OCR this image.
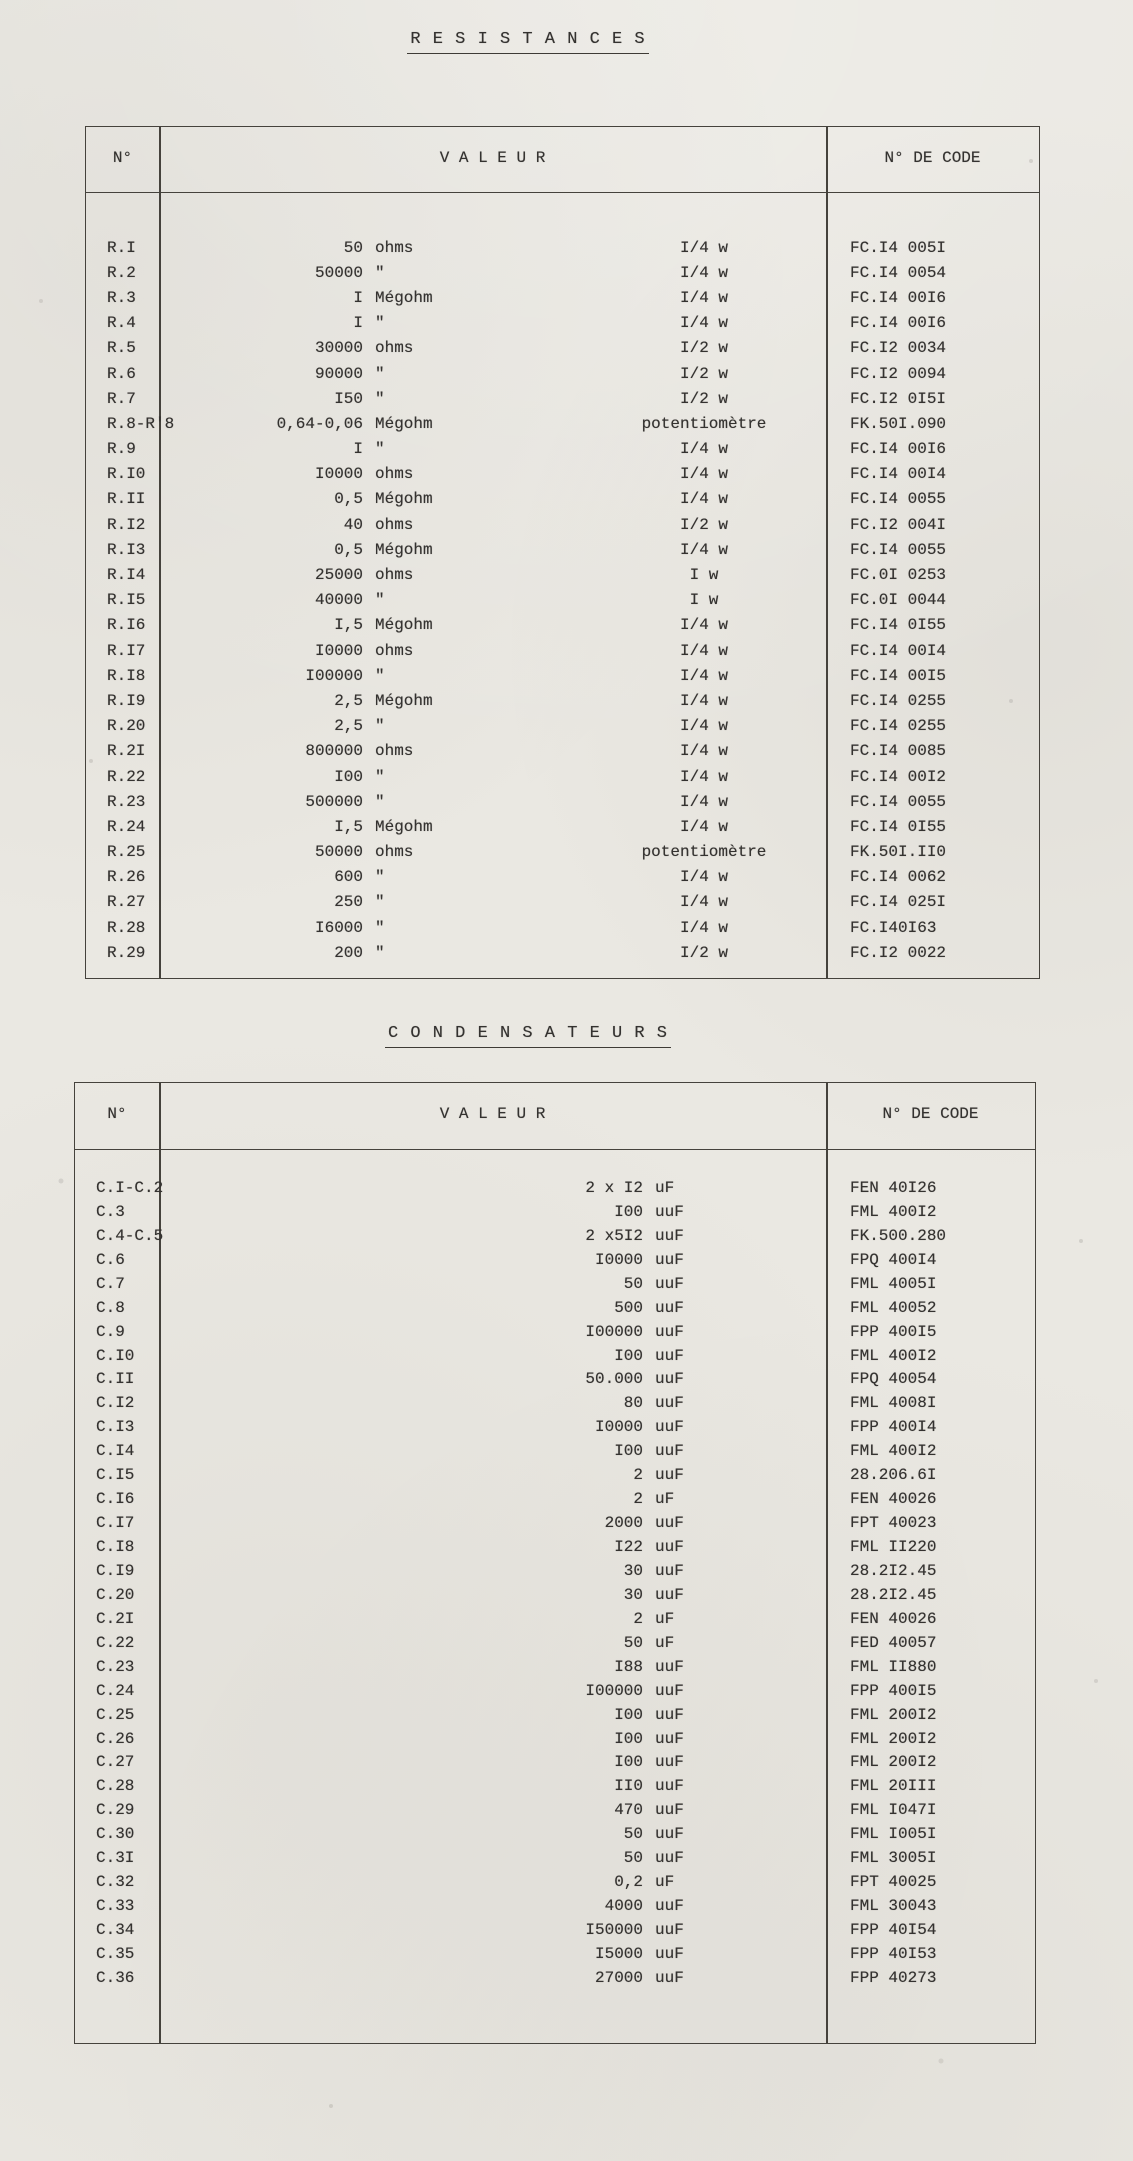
R E S I S T A N C E S
N°	V A L E U R	N° DE CODE
R.I	50 ohms	I/4 w	FC.I4 005I
R.2	50000 "	I/4 w	FC.I4 0054
R.3	I Mégohm	I/4 w	FC.I4 00I6
R.4	I "	I/4 w	FC.I4 00I6
R.5	30000 ohms	I/2 w	FC.I2 0034
R.6	90000 "	I/2 w	FC.I2 0094
R.7	I50 "	I/2 w	FC.I2 0I5I
R.8-R'8	0,64-0,06 Mégohm	potentiomètre	FK.50I.090
R.9	I "	I/4 w	FC.I4 00I6
R.I0	I0000 ohms	I/4 w	FC.I4 00I4
R.II	0,5 Mégohm	I/4 w	FC.I4 0055
R.I2	40 ohms	I/2 w	FC.I2 004I
R.I3	0,5 Mégohm	I/4 w	FC.I4 0055
R.I4	25000 ohms	I w	FC.0I 0253
R.I5	40000 "	I w	FC.0I 0044
R.I6	I,5 Mégohm	I/4 w	FC.I4 0I55
R.I7	I0000 ohms	I/4 w	FC.I4 00I4
R.I8	I00000 "	I/4 w	FC.I4 00I5
R.I9	2,5 Mégohm	I/4 w	FC.I4 0255
R.20	2,5 "	I/4 w	FC.I4 0255
R.2I	800000 ohms	I/4 w	FC.I4 0085
R.22	I00 "	I/4 w	FC.I4 00I2
R.23	500000 "	I/4 w	FC.I4 0055
R.24	I,5 Mégohm	I/4 w	FC.I4 0I55
R.25	50000 ohms	potentiomètre	FK.50I.II0
R.26	600 "	I/4 w	FC.I4 0062
R.27	250 "	I/4 w	FC.I4 025I
R.28	I6000 "	I/4 w	FC.I40I63
R.29	200 "	I/2 w	FC.I2 0022
C O N D E N S A T E U R S
N°	V A L E U R	N° DE CODE
C.I-C.2	2 x I2 uF	FEN 40I26
C.3	I00 uuF	FML 400I2
C.4-C.5	2 x5I2 uuF	FK.500.280
C.6	I0000 uuF	FPQ 400I4
C.7	50 uuF	FML 4005I
C.8	500 uuF	FML 40052
C.9	I00000 uuF	FPP 400I5
C.I0	I00 uuF	FML 400I2
C.II	50.000 uuF	FPQ 40054
C.I2	80 uuF	FML 4008I
C.I3	I0000 uuF	FPP 400I4
C.I4	I00 uuF	FML 400I2
C.I5	2 uuF	28.206.6I
C.I6	2 uF	FEN 40026
C.I7	2000 uuF	FPT 40023
C.I8	I22 uuF	FML II220
C.I9	30 uuF	28.2I2.45
C.20	30 uuF	28.2I2.45
C.2I	2 uF	FEN 40026
C.22	50 uF	FED 40057
C.23	I88 uuF	FML II880
C.24	I00000 uuF	FPP 400I5
C.25	I00 uuF	FML 200I2
C.26	I00 uuF	FML 200I2
C.27	I00 uuF	FML 200I2
C.28	II0 uuF	FML 20III
C.29	470 uuF	FML I047I
C.30	50 uuF	FML I005I
C.3I	50 uuF	FML 3005I
C.32	0,2 uF	FPT 40025
C.33	4000 uuF	FML 30043
C.34	I50000 uuF	FPP 40I54
C.35	I5000 uuF	FPP 40I53
C.36	27000 uuF	FPP 40273
